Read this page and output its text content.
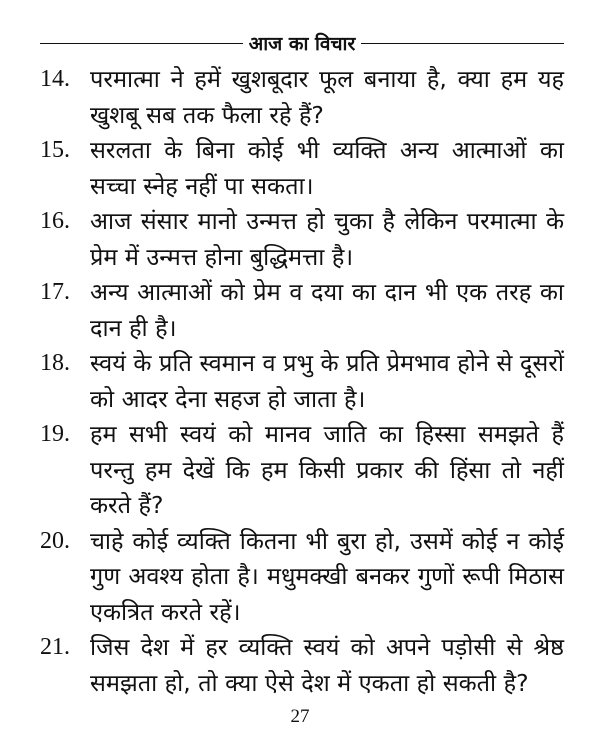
आज का विचार
14. परमात्मा ने हमें खुशबूदार फूल बनाया है, क्या हम यह खुशबू सब तक फैला रहे हैं?
15. सरलता के बिना कोई भी व्यक्ति अन्य आत्माओं का सच्चा स्नेह नहीं पा सकता।
16. आज संसार मानो उन्मत्त हो चुका है लेकिन परमात्मा के प्रेम में उन्मत्त होना बुद्धिमत्ता है।
17. अन्य आत्माओं को प्रेम व दया का दान भी एक तरह का दान ही है।
18. स्वयं के प्रति स्वमान व प्रभु के प्रति प्रेमभाव होने से दूसरों को आदर देना सहज हो जाता है।
19. हम सभी स्वयं को मानव जाति का हिस्सा समझते हैं परन्तु हम देखें कि हम किसी प्रकार की हिंसा तो नहीं करते हैं?
20. चाहे कोई व्यक्ति कितना भी बुरा हो, उसमें कोई न कोई गुण अवश्य होता है। मधुमक्खी बनकर गुणों रूपी मिठास एकत्रित करते रहें।
21. जिस देश में हर व्यक्ति स्वयं को अपने पड़ोसी से श्रेष्ठ समझता हो, तो क्या ऐसे देश में एकता हो सकती है?
27
